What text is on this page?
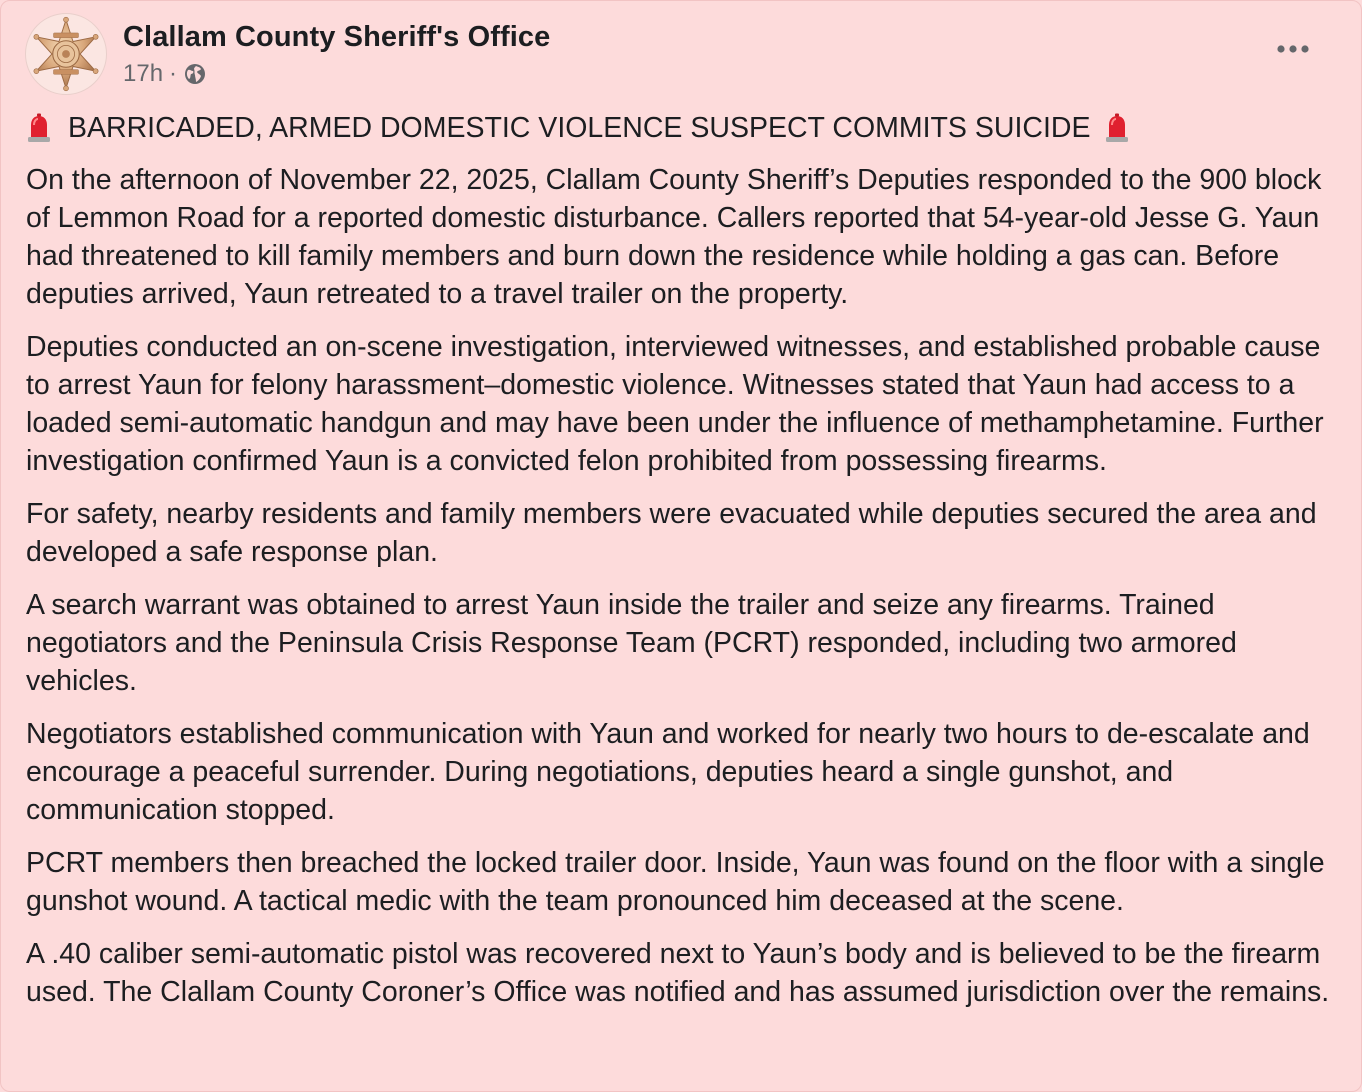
Clallam County Sheriff's Office
17h ·
BARRICADED, ARMED DOMESTIC VIOLENCE SUSPECT COMMITS SUICIDE
On the afternoon of November 22, 2025, Clallam County Sheriff’s Deputies responded to the 900 block of Lemmon Road for a reported domestic disturbance. Callers reported that 54-year-old Jesse G. Yaun had threatened to kill family members and burn down the residence while holding a gas can. Before deputies arrived, Yaun retreated to a travel trailer on the property.
Deputies conducted an on-scene investigation, interviewed witnesses, and established probable cause to arrest Yaun for felony harassment–domestic violence. Witnesses stated that Yaun had access to a loaded semi-automatic handgun and may have been under the influence of methamphetamine. Further investigation confirmed Yaun is a convicted felon prohibited from possessing firearms.
For safety, nearby residents and family members were evacuated while deputies secured the area and developed a safe response plan.
A search warrant was obtained to arrest Yaun inside the trailer and seize any firearms. Trained negotiators and the Peninsula Crisis Response Team (PCRT) responded, including two armored vehicles.
Negotiators established communication with Yaun and worked for nearly two hours to de-escalate and encourage a peaceful surrender. During negotiations, deputies heard a single gunshot, and communication stopped.
PCRT members then breached the locked trailer door. Inside, Yaun was found on the floor with a single gunshot wound. A tactical medic with the team pronounced him deceased at the scene.
A .40 caliber semi-automatic pistol was recovered next to Yaun’s body and is believed to be the firearm used. The Clallam County Coroner’s Office was notified and has assumed jurisdiction over the remains.
